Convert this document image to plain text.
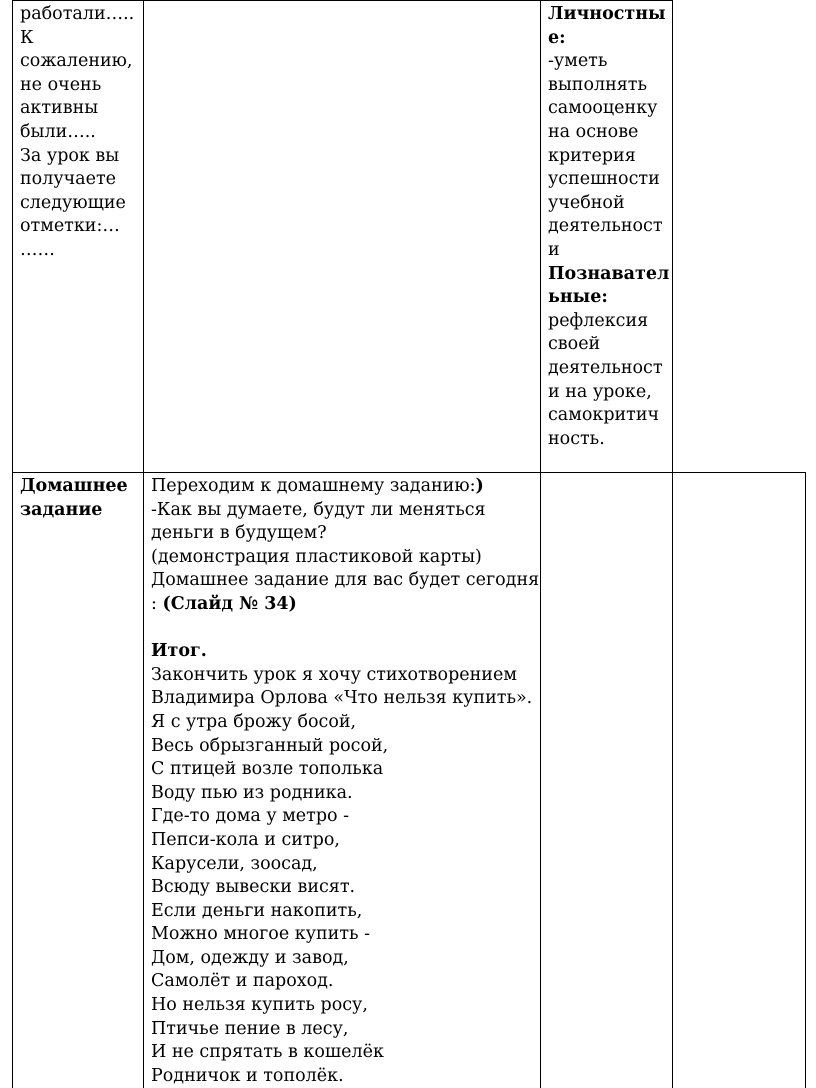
работали…..
К
сожалению,
не очень
активны
были…..
За урок вы
получаете
следующие
отметки:…
……
Личностны
е:
-уметь
выполнять
самооценку
на основе
критерия
успешности
учебной
деятельност
и
Познавател
ьные:
рефлексия
своей
деятельност
и на уроке,
самокритич
ность.
Домашнее
задание
Переходим к домашнему заданию:)
-Как вы думаете, будут ли меняться
деньги в будущем?
(демонстрация пластиковой карты)
Домашнее задание для вас будет сегодня
: (Слайд № 34)

Итог.
Закончить урок я хочу стихотворением
Владимира Орлова «Что нельзя купить».
Я с утра брожу босой,
Весь обрызганный росой,
С птицей возле тополька
Воду пью из родника.
Где-то дома у метро -
Пепси-кола и ситро,
Карусели, зоосад,
Всюду вывески висят.
Если деньги накопить,
Можно многое купить -
Дом, одежду и завод,
Самолёт и пароход.
Но нельзя купить росу,
Птичье пение в лесу,
И не спрятать в кошелёк
Родничок и тополёк.
